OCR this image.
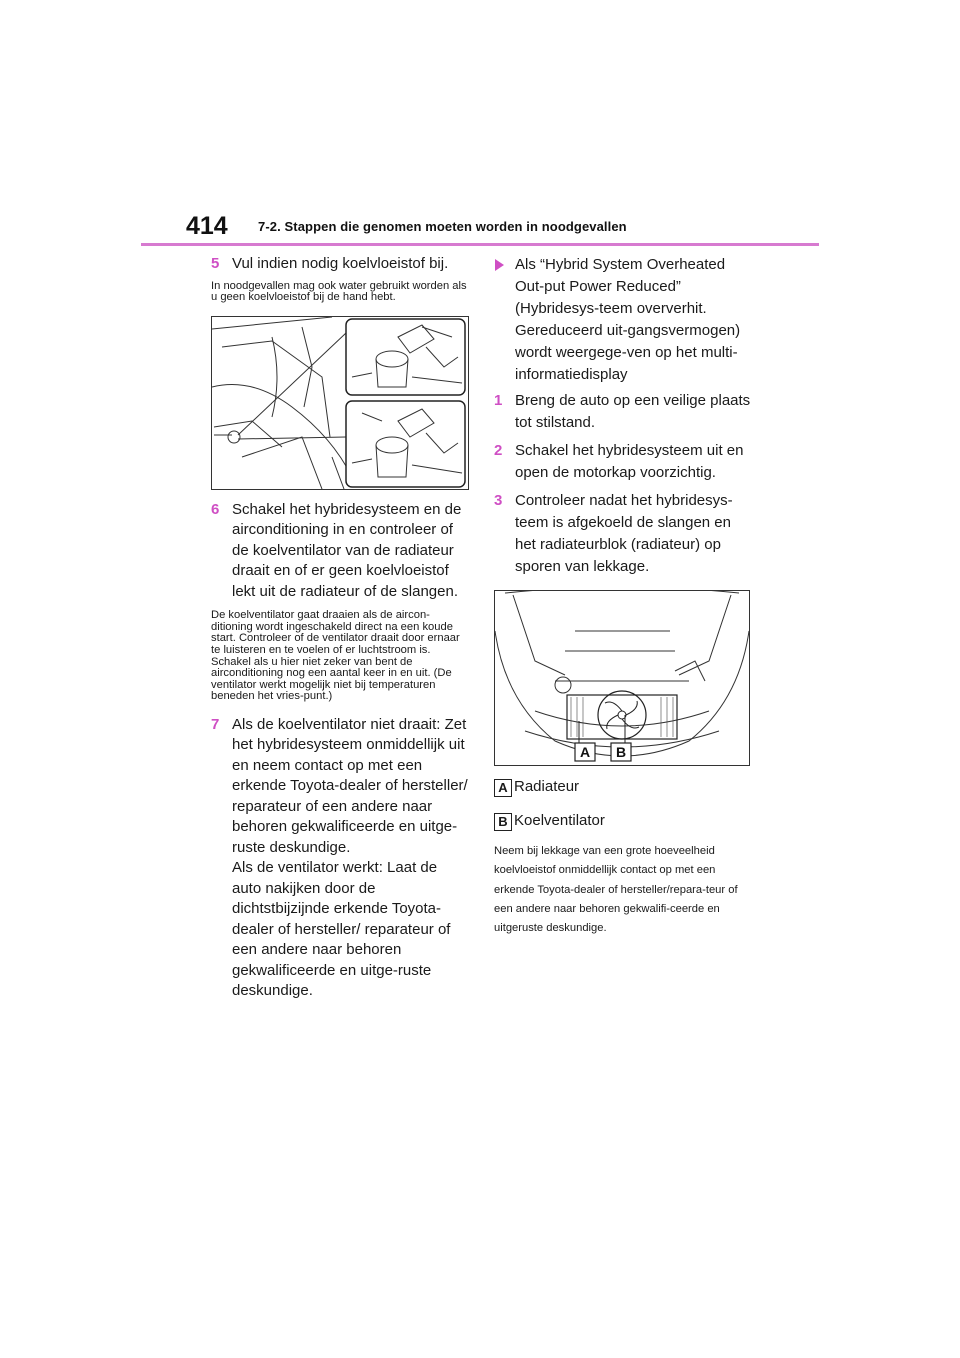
414 7-2. Stappen die genomen moeten worden in noodgevallen
5 Vul indien nodig koelvloeistof bij.
In noodgevallen mag ook water gebruikt worden als u geen koelvloeistof bij de hand hebt.
6 Schakel het hybridesysteem en de airconditioning in en controleer of de koelventilator van de radiateur draait en of er geen koelvloeistof lekt uit de radiateur of de slangen.
De koelventilator gaat draaien als de aircon-ditioning wordt ingeschakeld direct na een koude start. Controleer of de ventilator draait door ernaar te luisteren en te voelen of er luchtstroom is. Schakel als u hier niet zeker van bent de airconditioning nog een aantal keer in en uit. (De ventilator werkt mogelijk niet bij temperaturen beneden het vries-punt.)
7 Als de koelventilator niet draait: Zet het hybridesysteem onmiddellijk uit en neem contact op met een erkende Toyota-dealer of hersteller/ reparateur of een andere naar behoren gekwalificeerde en uitge-ruste deskundige.
Als de ventilator werkt: Laat de auto nakijken door de dichtstbijzijnde erkende Toyota-dealer of hersteller/ reparateur of een andere naar behoren gekwalificeerde en uitge-ruste deskundige.
Als “Hybrid System Overheated Out-put Power Reduced” (Hybridesys-teem oververhit. Gereduceerd uit-gangsvermogen) wordt weergege-ven op het multi-informatiedisplay
1 Breng de auto op een veilige plaats tot stilstand.
2 Schakel het hybridesysteem uit en open de motorkap voorzichtig.
3 Controleer nadat het hybridesys-teem is afgekoeld de slangen en het radiateurblok (radiateur) op sporen van lekkage.
A B
A Radiateur
B Koelventilator
Neem bij lekkage van een grote hoeveelheid koelvloeistof onmiddellijk contact op met een erkende Toyota-dealer of hersteller/repara-teur of een andere naar behoren gekwalifi-ceerde en uitgeruste deskundige.
